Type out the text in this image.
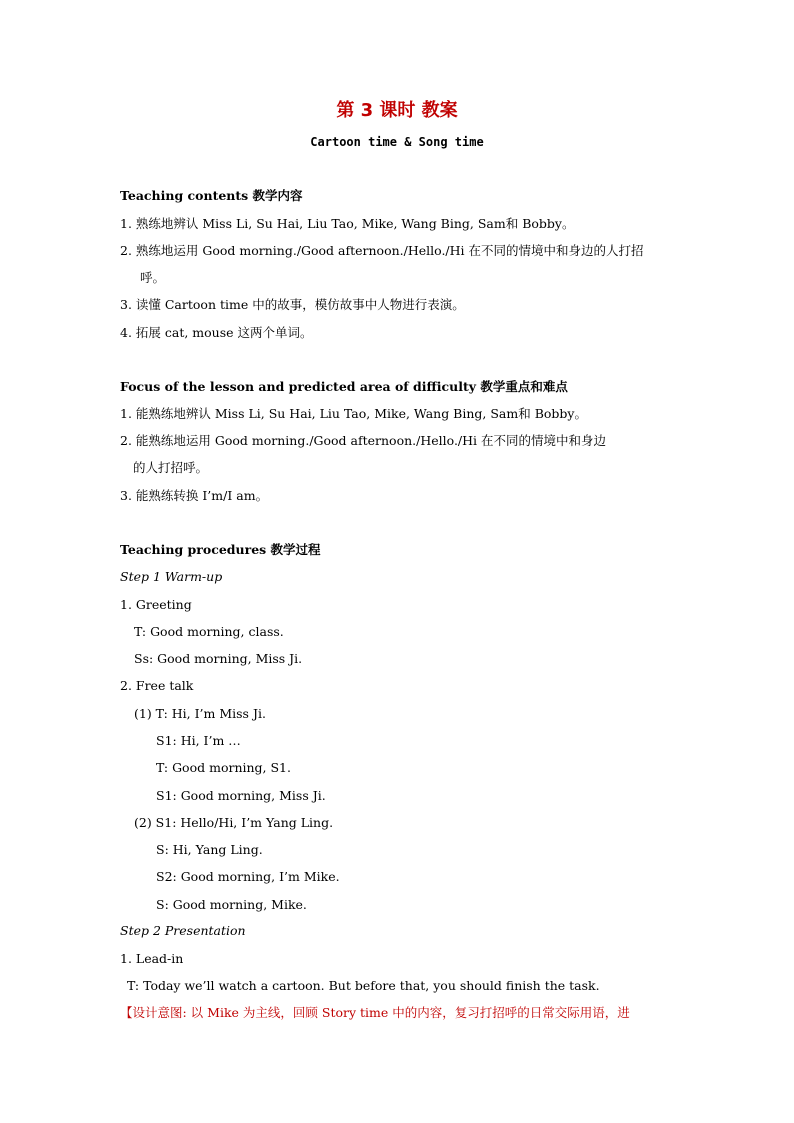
第 3 课时 教案
Cartoon time & Song time
Teaching contents 教学内容
1. 熟练地辨认 Miss Li, Su Hai, Liu Tao, Mike, Wang Bing, Sam和 Bobby。
2. 熟练地运用 Good morning./Good afternoon./Hello./Hi 在不同的情境中和身边的人打招
呼。
3. 读懂 Cartoon time 中的故事，模仿故事中人物进行表演。
4. 拓展 cat, mouse 这两个单词。
Focus of the lesson and predicted area of difficulty 教学重点和难点
1. 能熟练地辨认 Miss Li, Su Hai, Liu Tao, Mike, Wang Bing, Sam和 Bobby。
2. 能熟练地运用 Good morning./Good afternoon./Hello./Hi 在不同的情境中和身边
的人打招呼。
3. 能熟练转换 I’m/I am。
Teaching procedures 教学过程
Step 1 Warm-up
1. Greeting
T: Good morning, class.
Ss: Good morning, Miss Ji.
2. Free talk
(1) T: Hi, I’m Miss Ji.
S1: Hi, I’m …
T: Good morning, S1.
S1: Good morning, Miss Ji.
(2) S1: Hello/Hi, I’m Yang Ling.
S: Hi, Yang Ling.
S2: Good morning, I’m Mike.
S: Good morning, Mike.
Step 2 Presentation
1. Lead-in
T: Today we’ll watch a cartoon. But before that, you should finish the task.
【设计意图: 以 Mike 为主线，回顾 Story time 中的内容，复习打招呼的日常交际用语，进
